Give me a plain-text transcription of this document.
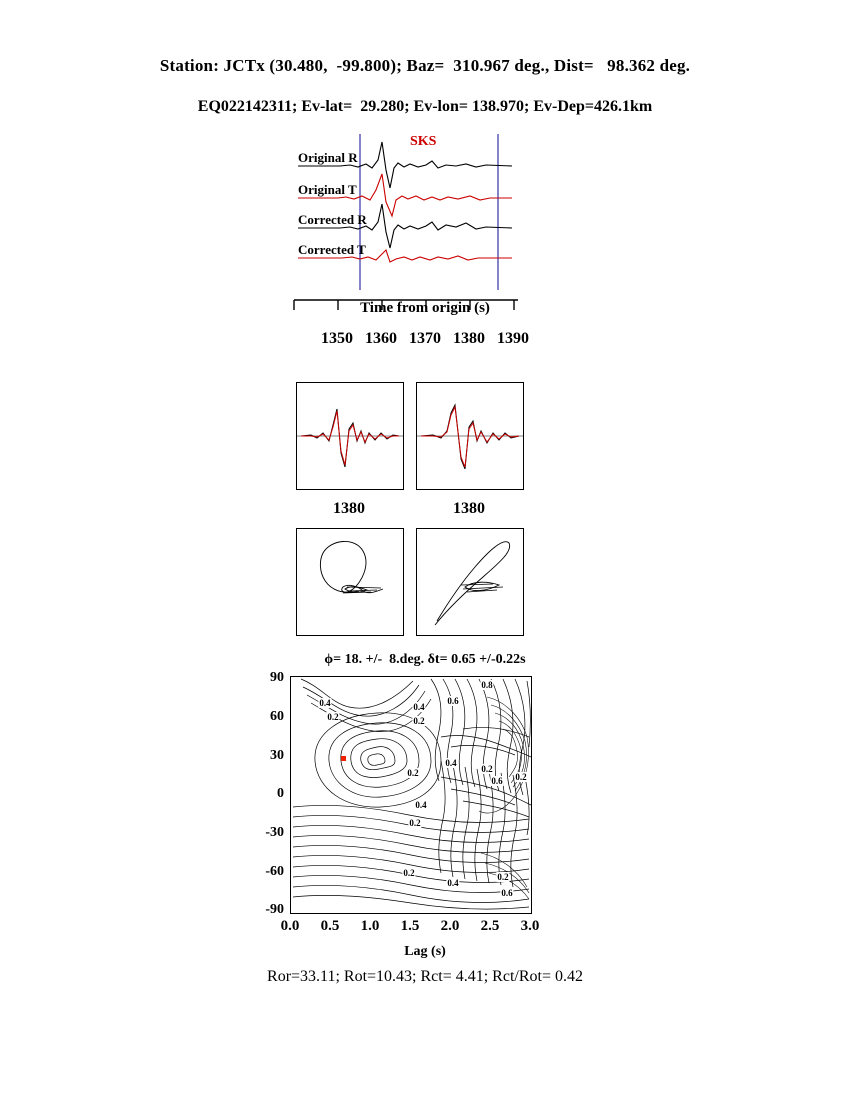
Station: JCTx (30.480,  -99.800); Baz=  310.967 deg., Dist=   98.362 deg.
EQ022142311; Ev-lat=  29.280; Ev-lon= 138.970; Ev-Dep=426.1km
SKS
Original R
Original T
Corrected R
Corrected T
Time from origin (s)
1350 1360 1370 1380 1390
1380	1380
ϕ= 18. +/-  8.deg. δt= 0.65 +/-0.22s
90
60
30
0
-30
-60
-90
0.2
0.4	0.4
0.2
0.6
0.8
0.2
0.4
0.2
0.6 0.2
0.4
0.2
0.2
0.4
0.2
0.6
0.0 0.5 1.0 1.5 2.0 2.5 3.0
Lag (s)
Ror=33.11; Rot=10.43; Rct= 4.41; Rct/Rot= 0.42
